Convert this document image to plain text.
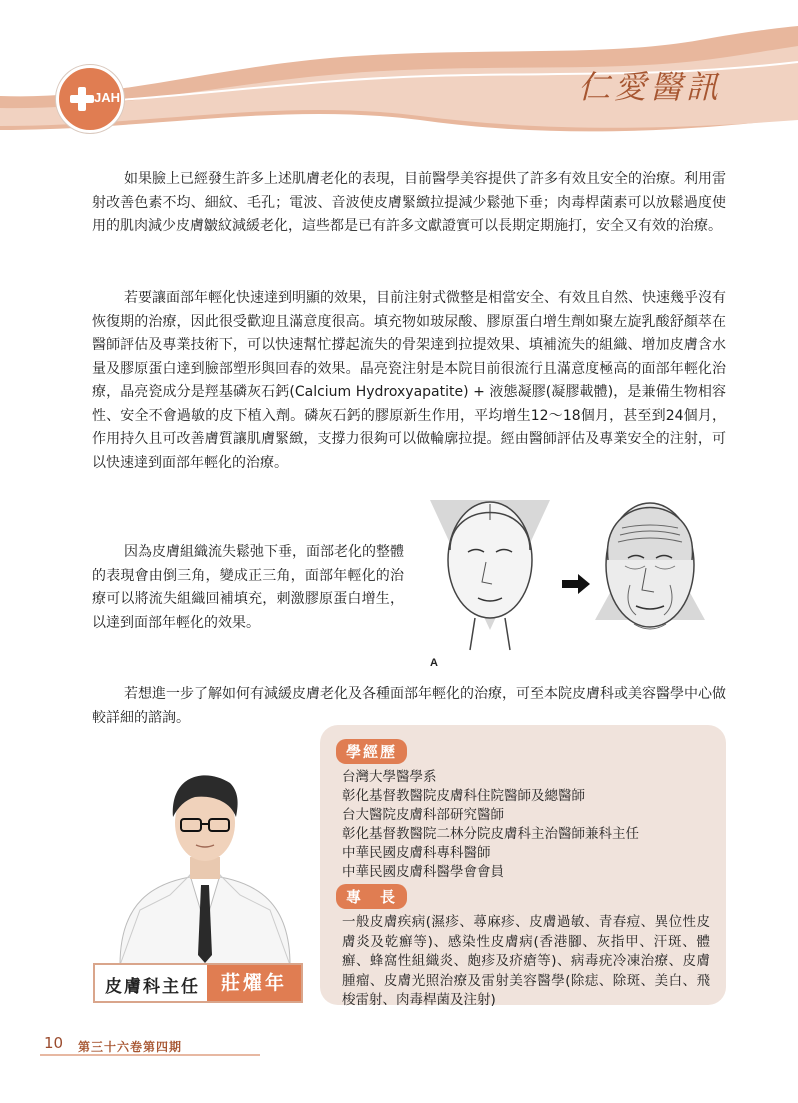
JAH	仁愛醫訊

如果臉上已經發生許多上述肌膚老化的表現，目前醫學美容提供了許多有效且安全的治療。利用雷射改善色素不均、細紋、毛孔；電波、音波使皮膚緊緻拉提減少鬆弛下垂；肉毒桿菌素可以放鬆過度使用的肌肉減少皮膚皺紋減緩老化，這些都是已有許多文獻證實可以長期定期施打，安全又有效的治療。

若要讓面部年輕化快速達到明顯的效果，目前注射式微整是相當安全、有效且自然、快速幾乎沒有恢復期的治療，因此很受歡迎且滿意度很高。填充物如玻尿酸、膠原蛋白增生劑如聚左旋乳酸舒顏萃在醫師評估及專業技術下，可以快速幫忙撐起流失的骨架達到拉提效果、填補流失的組織、增加皮膚含水量及膠原蛋白達到臉部塑形與回春的效果。晶亮瓷注射是本院目前很流行且滿意度極高的面部年輕化治療，晶亮瓷成分是羥基磷灰石鈣(Calcium Hydroxyapatite) + 液態凝膠(凝膠載體)，是兼備生物相容性、安全不會過敏的皮下植入劑。磷灰石鈣的膠原新生作用，平均增生12～18個月，甚至到24個月，作用持久且可改善膚質讓肌膚緊緻，支撐力很夠可以做輪廓拉提。經由醫師評估及專業安全的注射，可以快速達到面部年輕化的治療。

因為皮膚組織流失鬆弛下垂，面部老化的整體的表現會由倒三角，變成正三角，面部年輕化的治療可以將流失組織回補填充，刺激膠原蛋白增生，以達到面部年輕化的效果。

A

若想進一步了解如何有減緩皮膚老化及各種面部年輕化的治療，可至本院皮膚科或美容醫學中心做較詳細的諮詢。

皮膚科主任	莊燿年
學經歷
台灣大學醫學系
彰化基督教醫院皮膚科住院醫師及總醫師
台大醫院皮膚科部研究醫師
彰化基督教醫院二林分院皮膚科主治醫師兼科主任
中華民國皮膚科專科醫師
中華民國皮膚科醫學會會員
專　長

一般皮膚疾病(濕疹、蕁麻疹、皮膚過敏、青春痘、異位性皮膚炎及乾癬等)、感染性皮膚病(香港腳、灰指甲、汗斑、體癬、蜂窩性組織炎、皰疹及疥瘡等)、病毒疣冷凍治療、皮膚腫瘤、皮膚光照治療及雷射美容醫學(除痣、除斑、美白、飛梭雷射、肉毒桿菌及注射)

10 第三十六卷第四期
